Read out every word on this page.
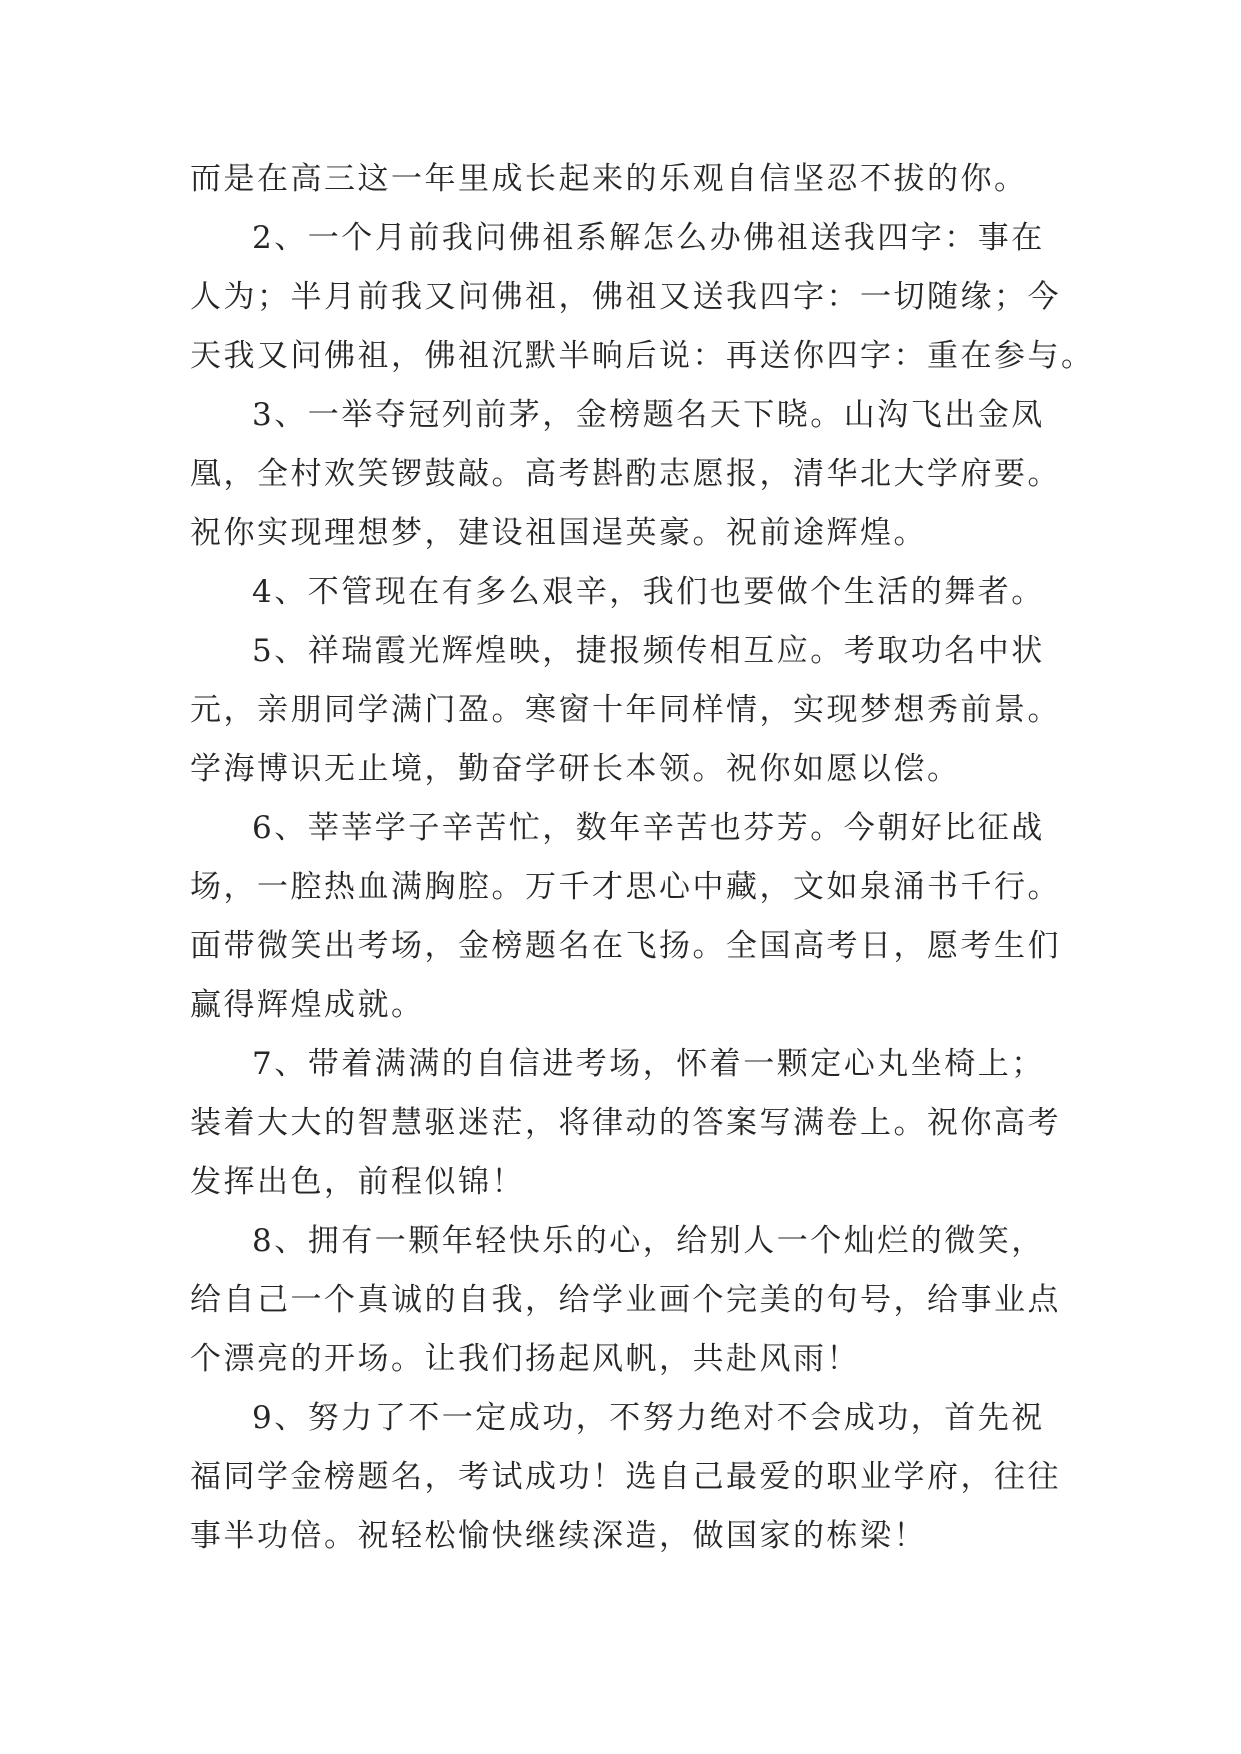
而是在高三这一年里成长起来的乐观自信坚忍不拔的你。
2、一个月前我问佛祖系解怎么办佛祖送我四字：事在
人为；半月前我又问佛祖，佛祖又送我四字：一切随缘；今
天我又问佛祖，佛祖沉默半晌后说：再送你四字：重在参与。
3、一举夺冠列前茅，金榜题名天下晓。山沟飞出金凤
凰，全村欢笑锣鼓敲。高考斟酌志愿报，清华北大学府要。
祝你实现理想梦，建设祖国逞英豪。祝前途辉煌。
4、不管现在有多么艰辛，我们也要做个生活的舞者。
5、祥瑞霞光辉煌映，捷报频传相互应。考取功名中状
元，亲朋同学满门盈。寒窗十年同样情，实现梦想秀前景。
学海博识无止境，勤奋学研长本领。祝你如愿以偿。
6、莘莘学子辛苦忙，数年辛苦也芬芳。今朝好比征战
场，一腔热血满胸腔。万千才思心中藏，文如泉涌书千行。
面带微笑出考场，金榜题名在飞扬。全国高考日，愿考生们
赢得辉煌成就。
7、带着满满的自信进考场，怀着一颗定心丸坐椅上；
装着大大的智慧驱迷茫，将律动的答案写满卷上。祝你高考
发挥出色，前程似锦！
8、拥有一颗年轻快乐的心，给别人一个灿烂的微笑，
给自己一个真诚的自我，给学业画个完美的句号，给事业点
个漂亮的开场。让我们扬起风帆，共赴风雨！
9、努力了不一定成功，不努力绝对不会成功，首先祝
福同学金榜题名，考试成功！选自己最爱的职业学府，往往
事半功倍。祝轻松愉快继续深造，做国家的栋梁！
